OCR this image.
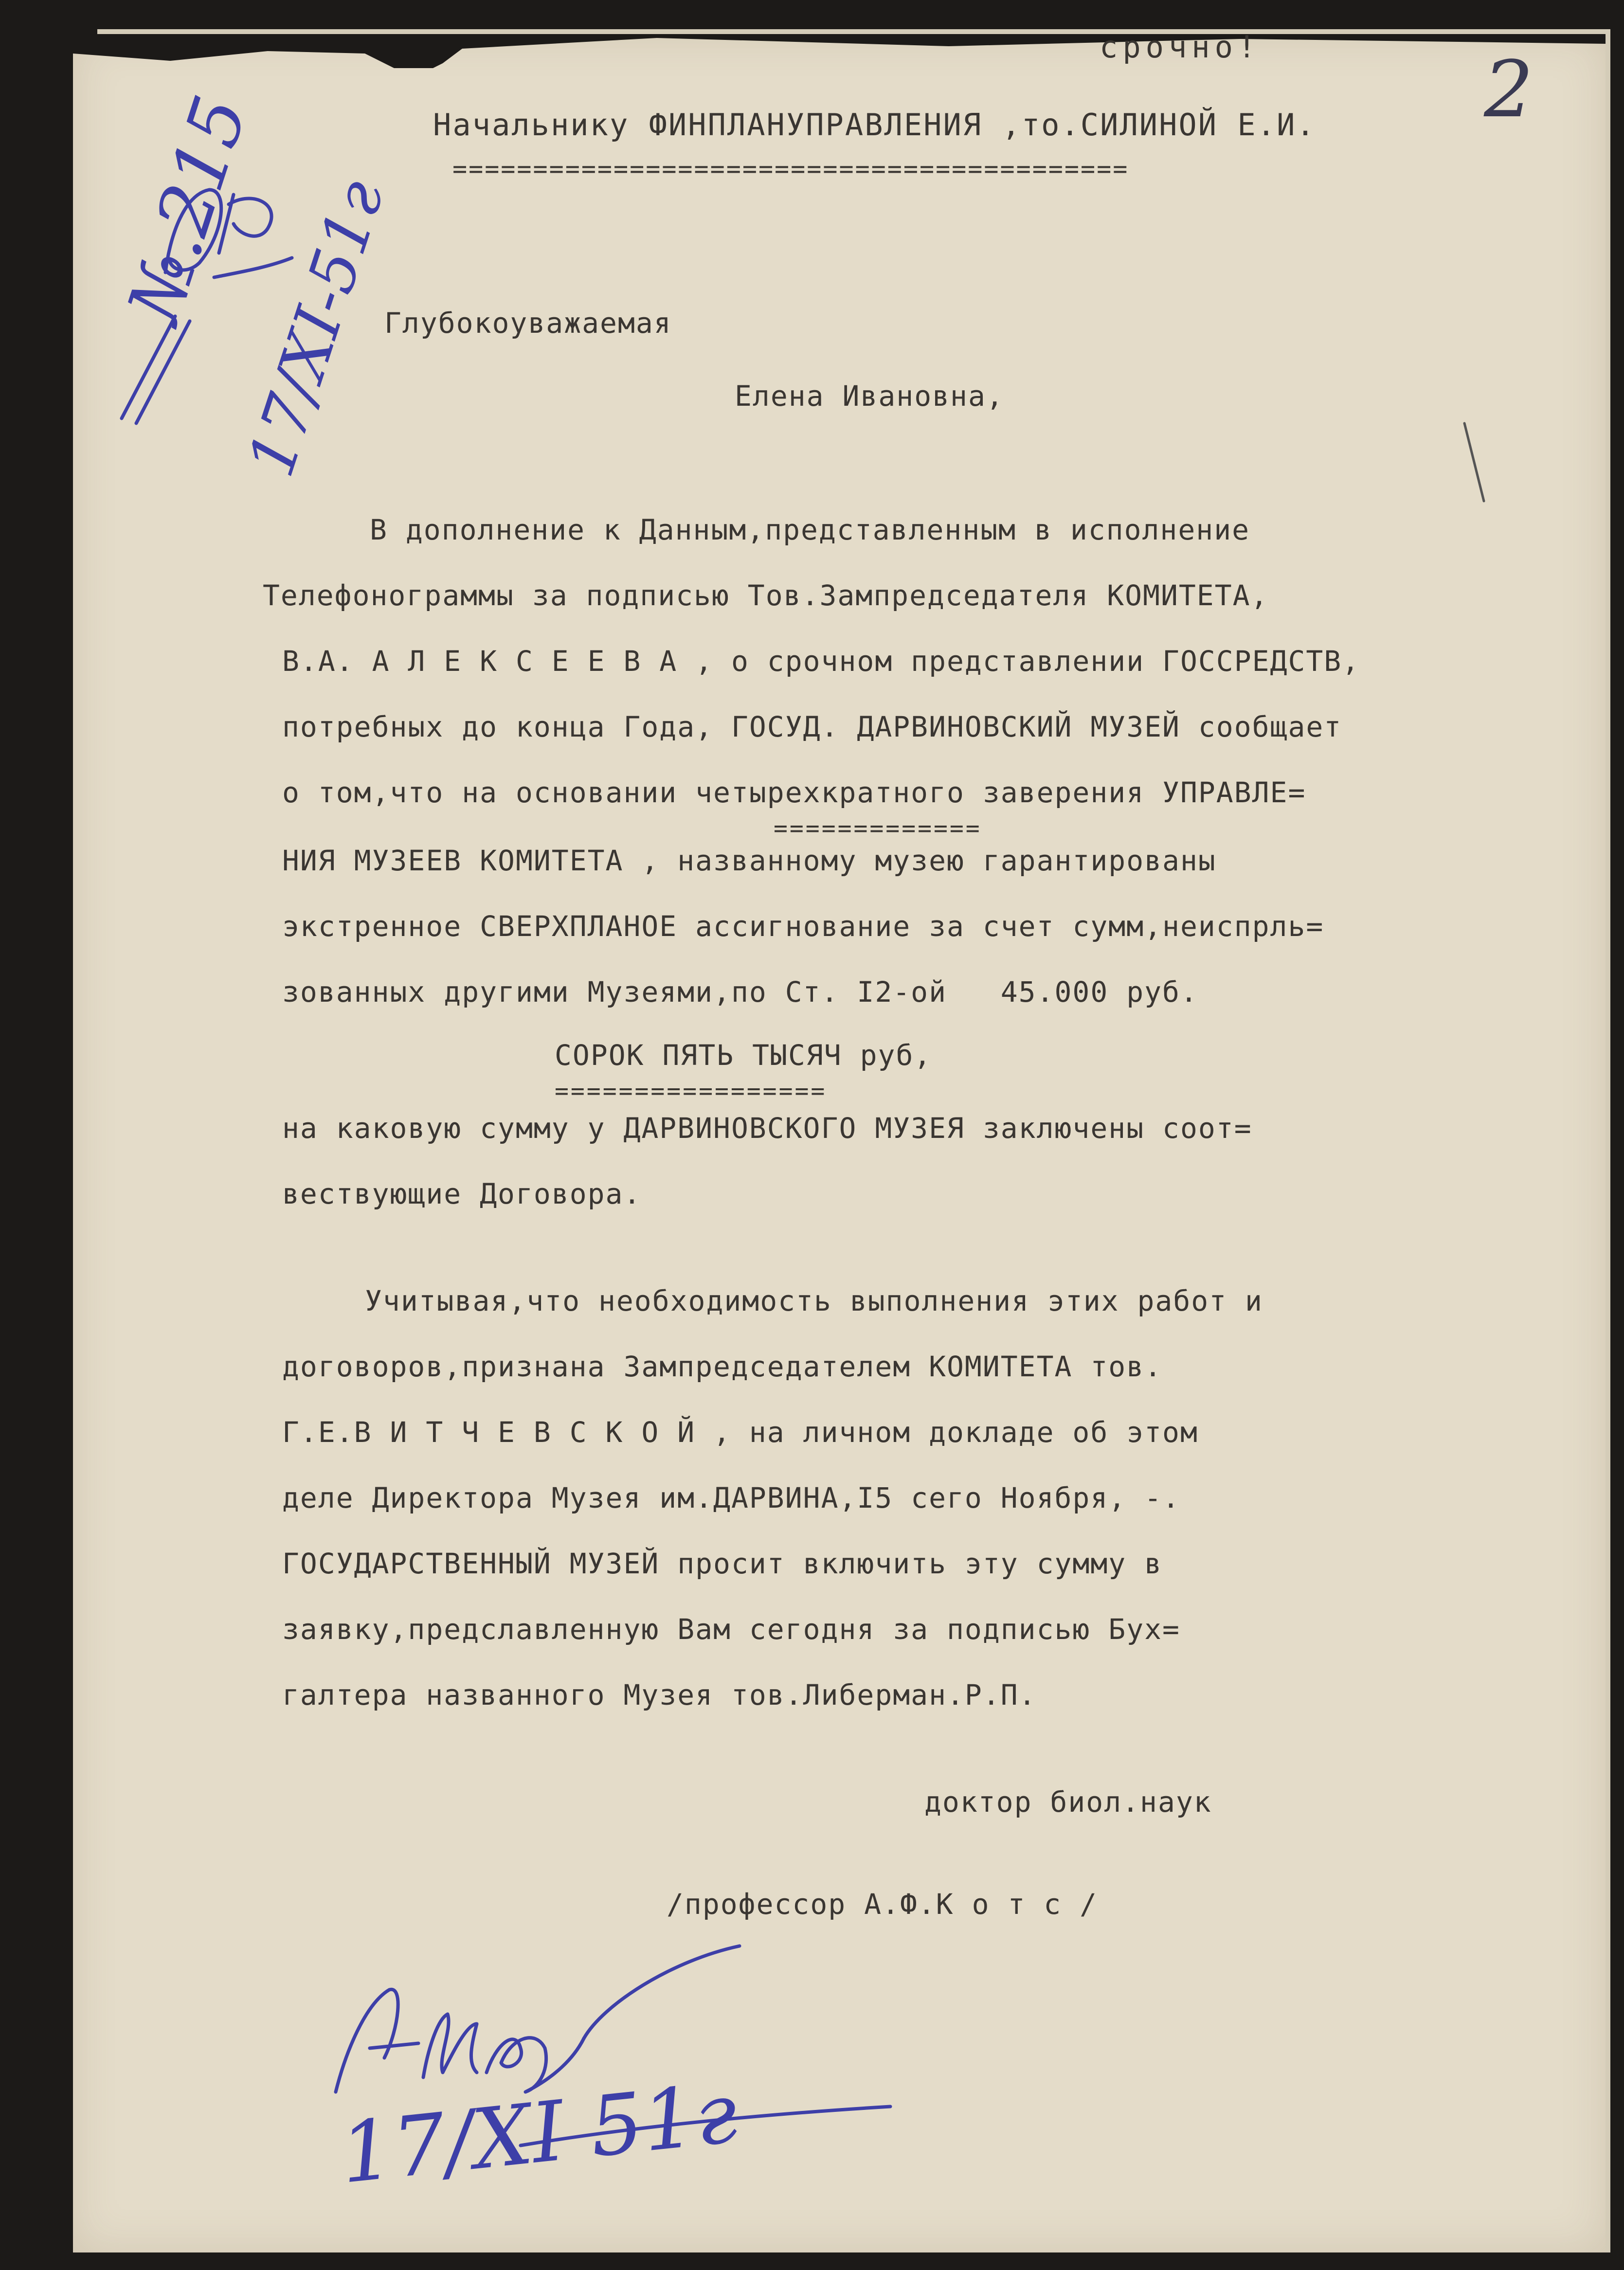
срочно!	2
Начальнику ФИНПЛАНУПРАВЛЕНИЯ ,то.СИЛИНОЙ Е.И.
==========================================
№.215
17/XI-51г
Глубокоуважаемая
Елена Ивановна,
В дополнение к Данным,представленным в исполнение
Телефонограммы за подписью Тов.Зампредседателя КОМИТЕТА,
В.А. А Л Е К С Е Е В А , о срочном представлении ГОССРЕДСТВ,
потребных до конца Года, ГОСУД. ДАРВИНОВСКИЙ МУЗЕЙ сообщает
о том,что на основании четырехкратного заверения УПРАВЛЕ=
=============
НИЯ МУЗЕЕВ КОМИТЕТА , названному музею гарантированы
экстренное СВЕРХПЛАНОЕ ассигнование за счет сумм,неиспрль=
зованных другими Музеями,по Ст. I2-ой   45.000 руб.
СОРОК ПЯТЬ ТЫСЯЧ руб,
=================
на каковую сумму у ДАРВИНОВСКОГО МУЗЕЯ заключены соот=
вествующие Договора.
Учитывая,что необходимость выполнения этих работ и
договоров,признана Зампредседателем КОМИТЕТА тов.
Г.Е.В И Т Ч Е В С К О Й , на личном докладе об этом
деле Директора Музея им.ДАРВИНА,I5 сего Ноября, -.
ГОСУДАРСТВЕННЫЙ МУЗЕЙ просит включить эту сумму в
заявку,предславленную Вам сегодня за подписью Бух=
галтера названного Музея тов.Либерман.Р.П.
доктор биол.наук
/профессор А.Ф.К о т с /
17/XI 51г
